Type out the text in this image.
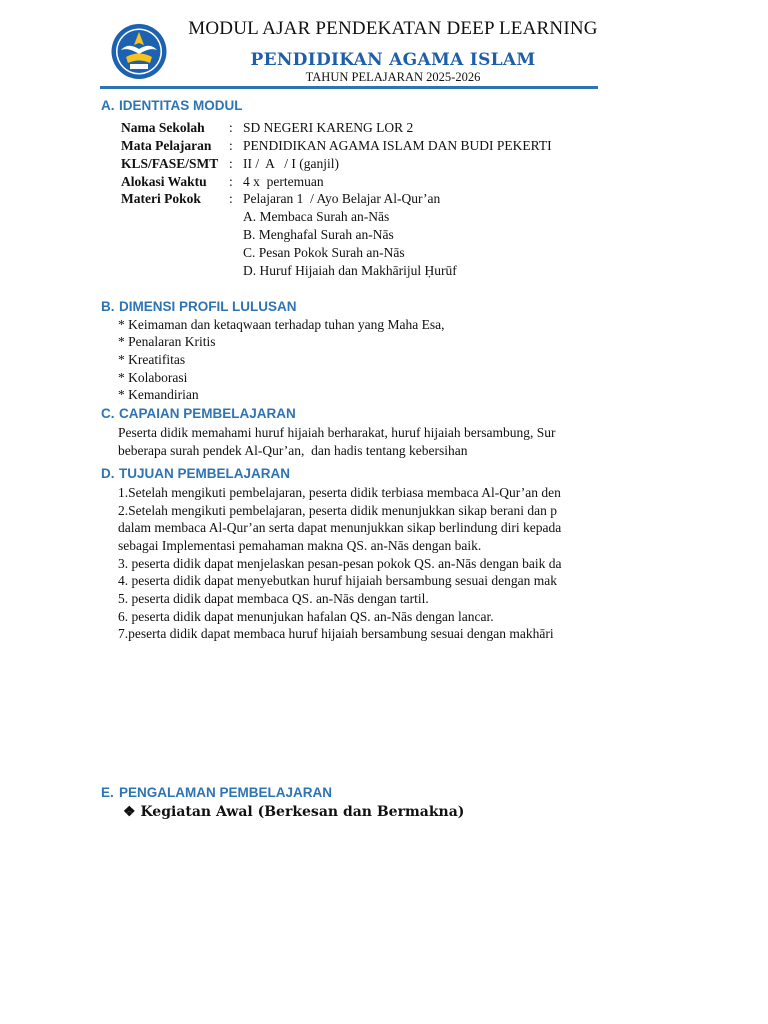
MODUL AJAR PENDEKATAN DEEP LEARNING
PENDIDIKAN AGAMA ISLAM
TAHUN PELAJARAN 2025-2026
A. IDENTITAS MODUL
Nama Sekolah : SD NEGERI KARENG LOR 2
Mata Pelajaran : PENDIDIKAN AGAMA ISLAM DAN BUDI PEKERTI
KLS/FASE/SMT : II /  A   / I (ganjil)
Alokasi Waktu : 4 x  pertemuan
Materi Pokok : Pelajaran 1  / Ayo Belajar Al-Qur’an
A. Membaca Surah an-Nās
B. Menghafal Surah an-Nās
C. Pesan Pokok Surah an-Nās
D. Huruf Hijaiah dan Makhārijul Ḥurūf
B. DIMENSI PROFIL LULUSAN
* Keimaman dan ketaqwaan terhadap tuhan yang Maha Esa,
* Penalaran Kritis
* Kreatifitas
* Kolaborasi
* Kemandirian
C. CAPAIAN PEMBELAJARAN
Peserta didik memahami huruf hijaiah berharakat, huruf hijaiah bersambung, Sur
beberapa surah pendek Al-Qur’an,  dan hadis tentang kebersihan
D. TUJUAN PEMBELAJARAN
1.Setelah mengikuti pembelajaran, peserta didik terbiasa membaca Al-Qur’an den
2.Setelah mengikuti pembelajaran, peserta didik menunjukkan sikap berani dan p
dalam membaca Al-Qur’an serta dapat menunjukkan sikap berlindung diri kepada
sebagai Implementasi pemahaman makna QS. an-Nās dengan baik.
3. peserta didik dapat menjelaskan pesan-pesan pokok QS. an-Nās dengan baik da
4. peserta didik dapat menyebutkan huruf hijaiah bersambung sesuai dengan mak
5. peserta didik dapat membaca QS. an-Nās dengan tartil.
6. peserta didik dapat menunjukan hafalan QS. an-Nās dengan lancar.
7.peserta didik dapat membaca huruf hijaiah bersambung sesuai dengan makhāri
E. PENGALAMAN PEMBELAJARAN
❖ Kegiatan Awal (Berkesan dan Bermakna)
